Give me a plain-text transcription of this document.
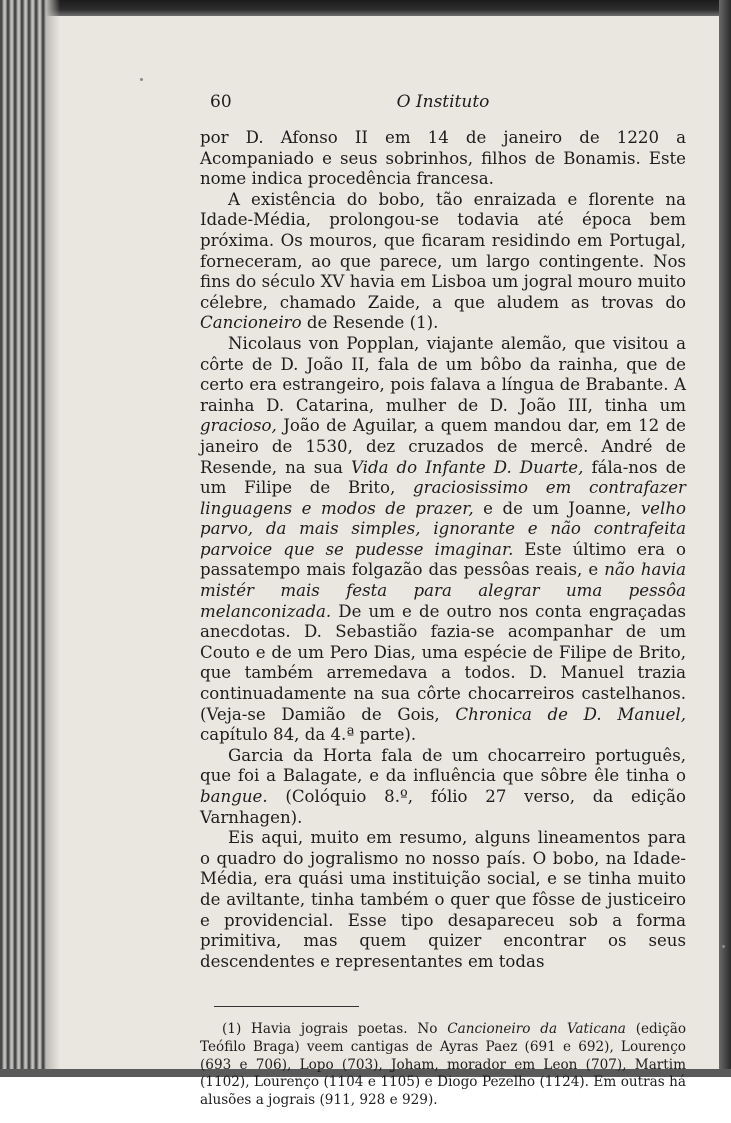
60	O Instituto

por D. Afonso II em 14 de janeiro de 1220 a Acompaniado e seus sobrinhos, filhos de Bonamis. Este nome indica procedência francesa.

A existência do bobo, tão enraizada e florente na Idade-Média, prolongou-se todavia até época bem próxima. Os mouros, que ficaram residindo em Portugal, forneceram, ao que parece, um largo contingente. Nos fins do século XV havia em Lisboa um jogral mouro muito célebre, chamado Zaide, a que aludem as trovas do Cancioneiro de Resende (1).

Nicolaus von Popplan, viajante alemão, que visitou a côrte de D. João II, fala de um bôbo da rainha, que de certo era estrangeiro, pois falava a língua de Brabante. A rainha D. Catarina, mulher de D. João III, tinha um gracioso, João de Aguilar, a quem mandou dar, em 12 de janeiro de 1530, dez cruzados de mercê. André de Resende, na sua Vida do Infante D. Duarte, fála-nos de um Filipe de Brito, graciosissimo em contrafazer linguagens e modos de prazer, e de um Joanne, velho parvo, da mais simples, ignorante e não contrafeita parvoice que se pudesse imaginar. Este último era o passatempo mais folgazão das pessôas reais, e não havia mistér mais festa para alegrar uma pessôa melanconizada. De um e de outro nos conta engraçadas anecdotas. D. Sebastião fazia-se acompanhar de um Couto e de um Pero Dias, uma espécie de Filipe de Brito, que também arremedava a todos. D. Manuel trazia continuadamente na sua côrte chocarreiros castelhanos. (Veja-se Damião de Gois, Chronica de D. Manuel, capítulo 84, da 4.ª parte).

Garcia da Horta fala de um chocarreiro português, que foi a Balagate, e da influência que sôbre êle tinha o bangue. (Colóquio 8.º, fólio 27 verso, da edição Varnhagen).

Eis aqui, muito em resumo, alguns lineamentos para o quadro do jogralismo no nosso país. O bobo, na Idade-Média, era quási uma instituição social, e se tinha muito de aviltante, tinha também o quer que fôsse de justiceiro e providencial. Esse tipo desapareceu sob a forma primitiva, mas quem quizer encontrar os seus descendentes e representantes em todas

(1) Havia jograis poetas. No Cancioneiro da Vaticana (edição Teófilo Braga) veem cantigas de Ayras Paez (691 e 692), Lourenço (693 e 706), Lopo (703), Joham, morador em Leon (707), Martim (1102), Lourenço (1104 e 1105) e Diogo Pezelho (1124). Em outras há alusões a jograis (911, 928 e 929).
